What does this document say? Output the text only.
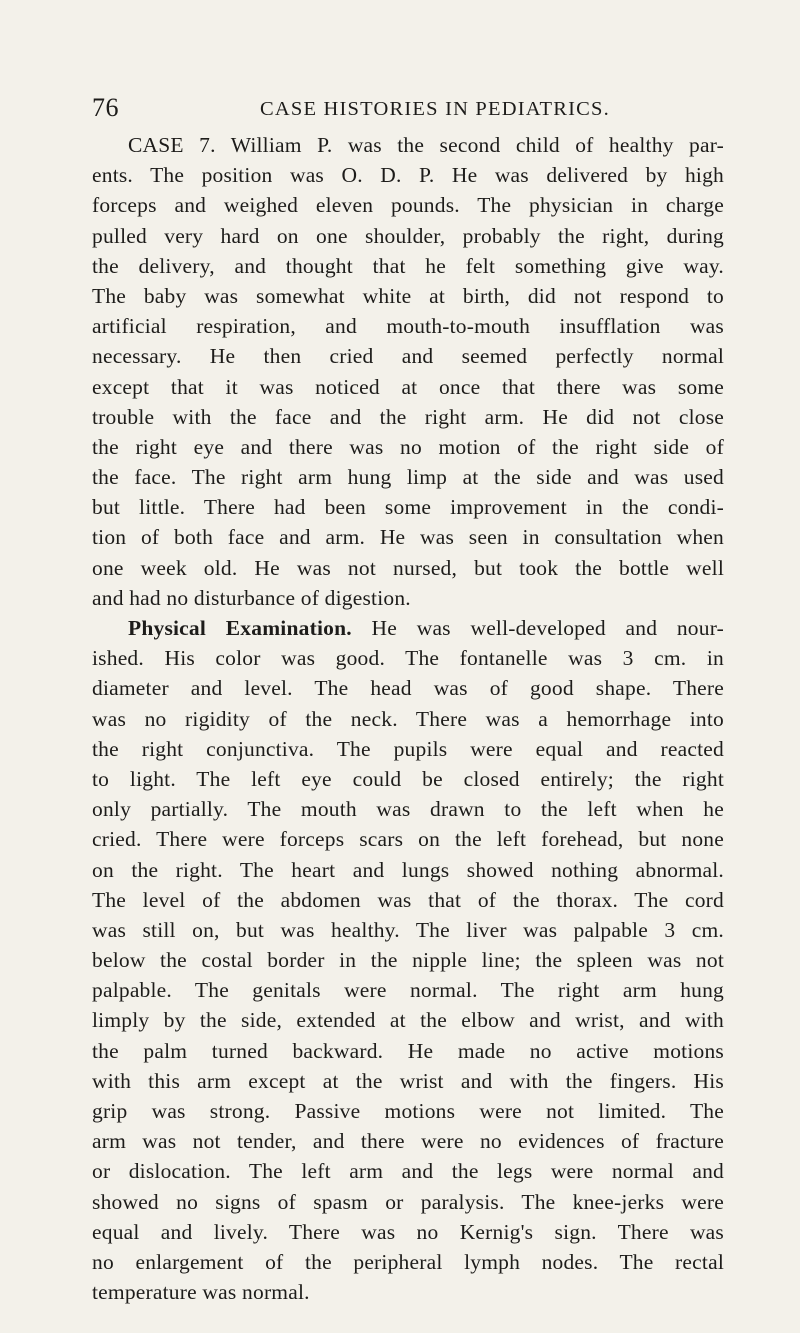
76	CASE HISTORIES IN PEDIATRICS.
CASE 7. William P. was the second child of healthy par-
ents. The position was O. D. P. He was delivered by high
forceps and weighed eleven pounds. The physician in charge
pulled very hard on one shoulder, probably the right, during
the delivery, and thought that he felt something give way.
The baby was somewhat white at birth, did not respond to
artificial respiration, and mouth-to-mouth insufflation was
necessary. He then cried and seemed perfectly normal
except that it was noticed at once that there was some
trouble with the face and the right arm. He did not close
the right eye and there was no motion of the right side of
the face. The right arm hung limp at the side and was used
but little. There had been some improvement in the condi-
tion of both face and arm. He was seen in consultation when
one week old. He was not nursed, but took the bottle well
and had no disturbance of digestion.
Physical Examination. He was well-developed and nour-
ished. His color was good. The fontanelle was 3 cm. in
diameter and level. The head was of good shape. There
was no rigidity of the neck. There was a hemorrhage into
the right conjunctiva. The pupils were equal and reacted
to light. The left eye could be closed entirely; the right
only partially. The mouth was drawn to the left when he
cried. There were forceps scars on the left forehead, but none
on the right. The heart and lungs showed nothing abnormal.
The level of the abdomen was that of the thorax. The cord
was still on, but was healthy. The liver was palpable 3 cm.
below the costal border in the nipple line; the spleen was not
palpable. The genitals were normal. The right arm hung
limply by the side, extended at the elbow and wrist, and with
the palm turned backward. He made no active motions
with this arm except at the wrist and with the fingers. His
grip was strong. Passive motions were not limited. The
arm was not tender, and there were no evidences of fracture
or dislocation. The left arm and the legs were normal and
showed no signs of spasm or paralysis. The knee-jerks were
equal and lively. There was no Kernig's sign. There was
no enlargement of the peripheral lymph nodes. The rectal
temperature was normal.
